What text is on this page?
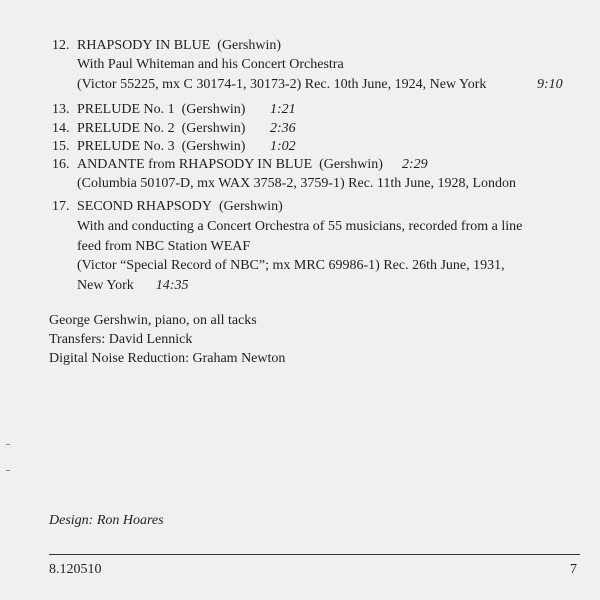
12. RHAPSODY IN BLUE (Gershwin)
With Paul Whiteman and his Concert Orchestra
(Victor 55225, mx C 30174-1, 30173-2) Rec. 10th June, 1924, New York	9:10
13. PRELUDE No. 1 (Gershwin) 1:21
14. PRELUDE No. 2 (Gershwin) 2:36
15. PRELUDE No. 3 (Gershwin) 1:02
16. ANDANTE from RHAPSODY IN BLUE (Gershwin) 2:29
(Columbia 50107-D, mx WAX 3758-2, 3759-1) Rec. 11th June, 1928, London
17. SECOND RHAPSODY (Gershwin)
With and conducting a Concert Orchestra of 55 musicians, recorded from a line
feed from NBC Station WEAF
(Victor “Special Record of NBC”; mx MRC 69986-1) Rec. 26th June, 1931,
New York 14:35
George Gershwin, piano, on all tacks
Transfers: David Lennick
Digital Noise Reduction: Graham Newton
Design: Ron Hoares
8.120510	7
